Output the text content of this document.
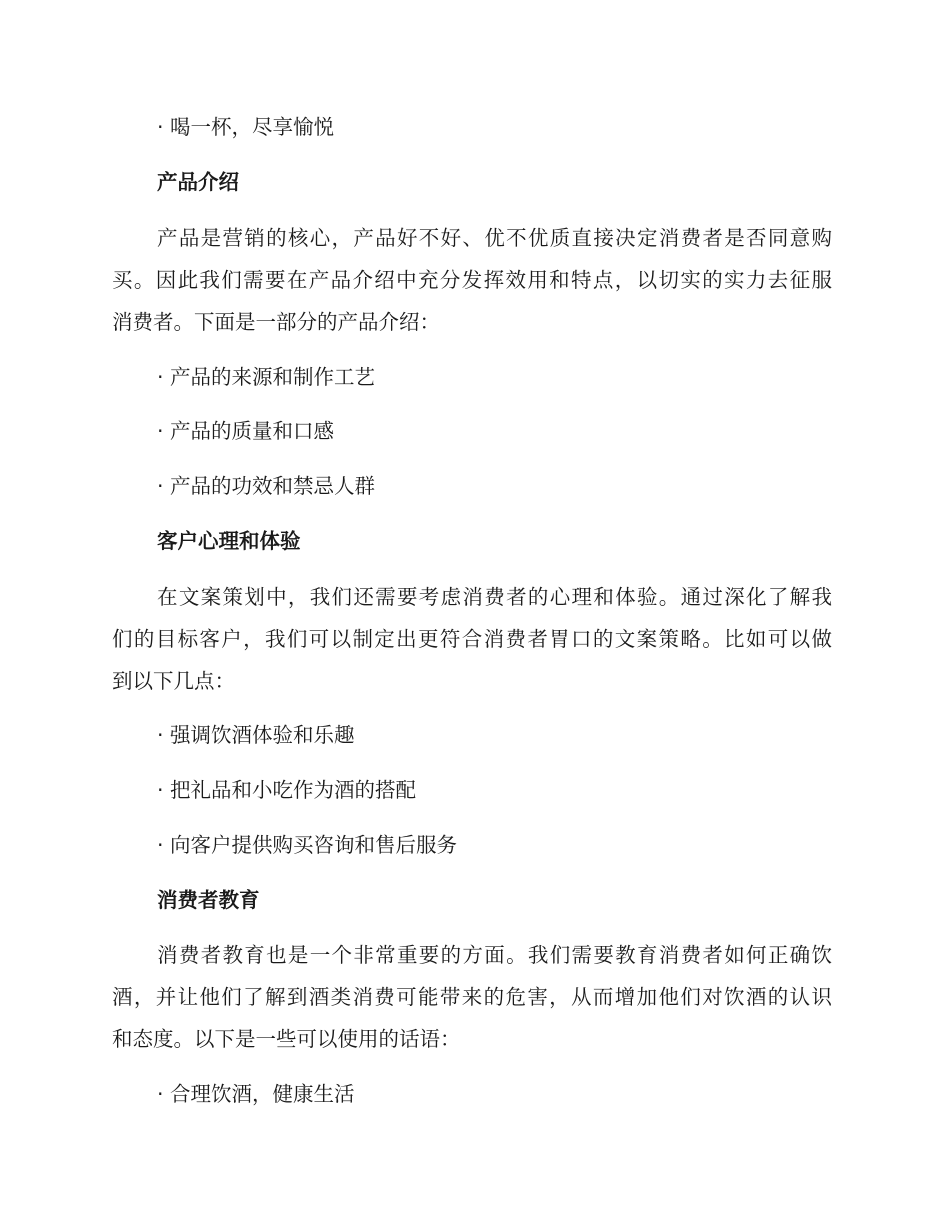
· 喝一杯，尽享愉悦
产品介绍
产品是营销的核心，产品好不好、优不优质直接决定消费者是否同意购
买。因此我们需要在产品介绍中充分发挥效用和特点，以切实的实力去征服
消费者。下面是一部分的产品介绍：
· 产品的来源和制作工艺
· 产品的质量和口感
· 产品的功效和禁忌人群
客户心理和体验
在文案策划中，我们还需要考虑消费者的心理和体验。通过深化了解我
们的目标客户，我们可以制定出更符合消费者胃口的文案策略。比如可以做
到以下几点：
· 强调饮酒体验和乐趣
· 把礼品和小吃作为酒的搭配
· 向客户提供购买咨询和售后服务
消费者教育
消费者教育也是一个非常重要的方面。我们需要教育消费者如何正确饮
酒，并让他们了解到酒类消费可能带来的危害，从而增加他们对饮酒的认识
和态度。以下是一些可以使用的话语：
· 合理饮酒，健康生活
